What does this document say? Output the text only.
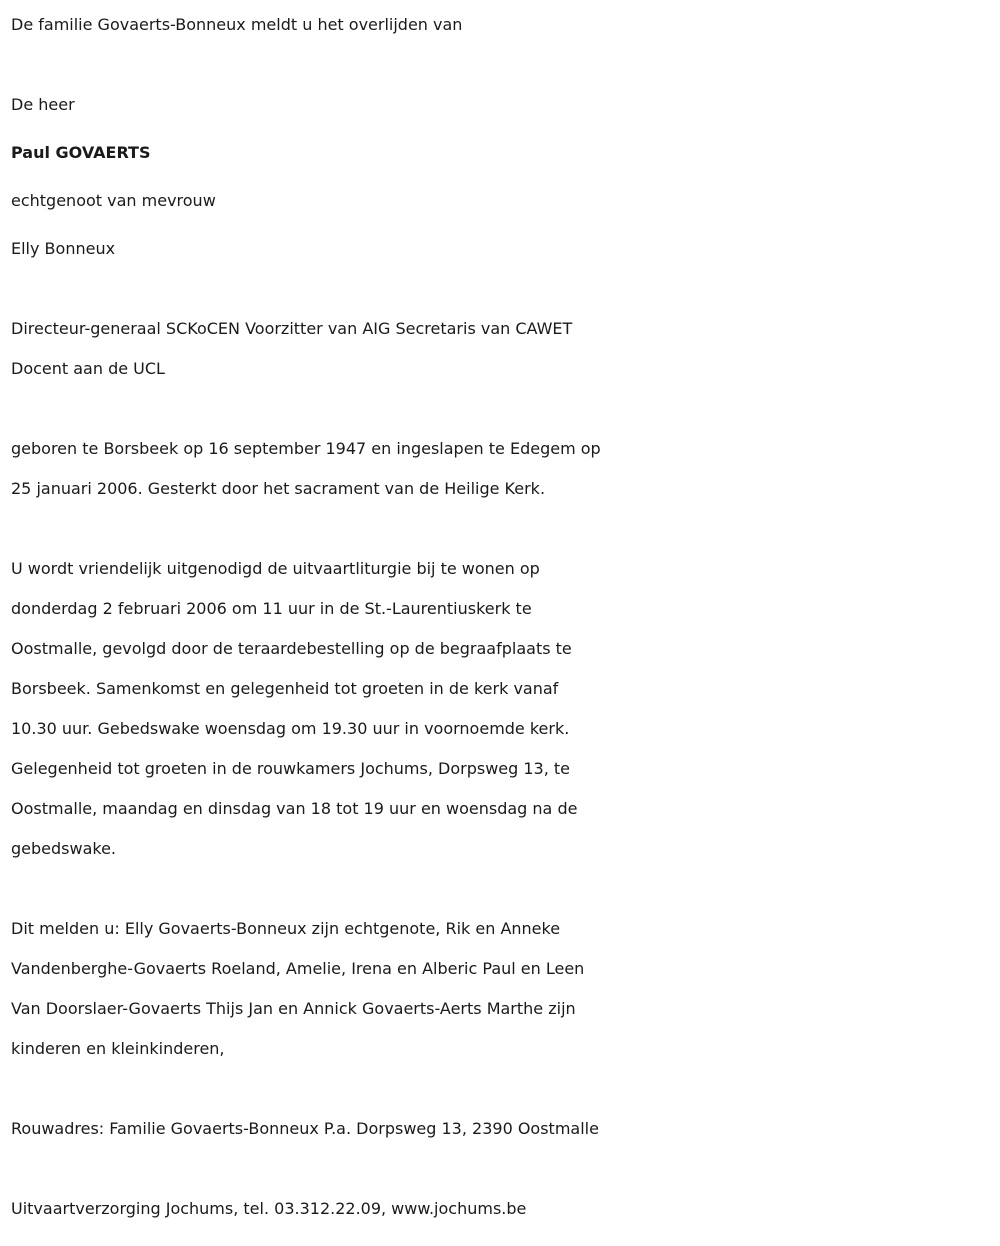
De familie Govaerts-Bonneux meldt u het overlijden van

De heer

Paul GOVAERTS

echtgenoot van mevrouw

Elly Bonneux

Directeur-generaal SCKoCEN Voorzitter van AIG Secretaris van CAWET

Docent aan de UCL

geboren te Borsbeek op 16 september 1947 en ingeslapen te Edegem op

25 januari 2006. Gesterkt door het sacrament van de Heilige Kerk.

U wordt vriendelijk uitgenodigd de uitvaartliturgie bij te wonen op

donderdag 2 februari 2006 om 11 uur in de St.-Laurentiuskerk te

Oostmalle, gevolgd door de teraardebestelling op de begraafplaats te

Borsbeek. Samenkomst en gelegenheid tot groeten in de kerk vanaf

10.30 uur. Gebedswake woensdag om 19.30 uur in voornoemde kerk.

Gelegenheid tot groeten in de rouwkamers Jochums, Dorpsweg 13, te

Oostmalle, maandag en dinsdag van 18 tot 19 uur en woensdag na de

gebedswake.

Dit melden u: Elly Govaerts-Bonneux zijn echtgenote, Rik en Anneke

Vandenberghe-Govaerts Roeland, Amelie, Irena en Alberic Paul en Leen

Van Doorslaer-Govaerts Thijs Jan en Annick Govaerts-Aerts Marthe zijn

kinderen en kleinkinderen,

Rouwadres: Familie Govaerts-Bonneux P.a. Dorpsweg 13, 2390 Oostmalle

Uitvaartverzorging Jochums, tel. 03.312.22.09, www.jochums.be
